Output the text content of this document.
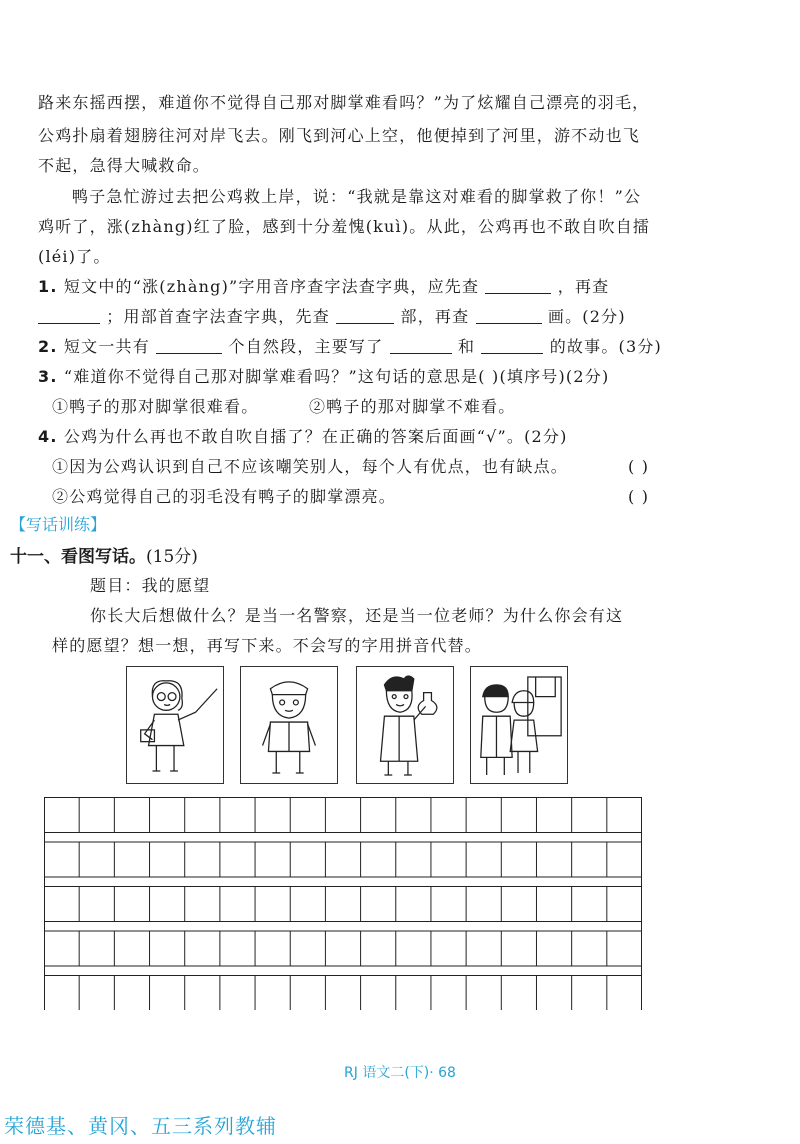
路来东摇西摆，难道你不觉得自己那对脚掌难看吗？”为了炫耀自己漂亮的羽毛，
公鸡扑扇着翅膀往河对岸飞去。刚飞到河心上空，他便掉到了河里，游不动也飞
不起，急得大喊救命。
鸭子急忙游过去把公鸡救上岸，说：“我就是靠这对难看的脚掌救了你！”公
鸡听了，涨(zhàng)红了脸，感到十分羞愧(kuì)。从此，公鸡再也不敢自吹自擂
(léi)了。
1. 短文中的“涨(zhàng)”字用音序查字法查字典，应先查	，再查
；用部首查字法查字典，先查	部，再查	画。(2分)
2. 短文一共有	个自然段，主要写了	和	的故事。(3分)
3. “难道你不觉得自己那对脚掌难看吗？”这句话的意思是( )(填序号)(2分)
①鸭子的那对脚掌很难看。	②鸭子的那对脚掌不难看。
4. 公鸡为什么再也不敢自吹自擂了？在正确的答案后面画“√”。(2分)
①因为公鸡认识到自己不应该嘲笑别人，每个人有优点，也有缺点。	( )
②公鸡觉得自己的羽毛没有鸭子的脚掌漂亮。	( )
【写话训练】
十一、看图写话。(15分)
题目：我的愿望
你长大后想做什么？是当一名警察，还是当一位老师？为什么你会有这
样的愿望？想一想，再写下来。不会写的字用拼音代替。
RJ 语文二(下)· 68
荣德基、黄冈、五三系列教辅
